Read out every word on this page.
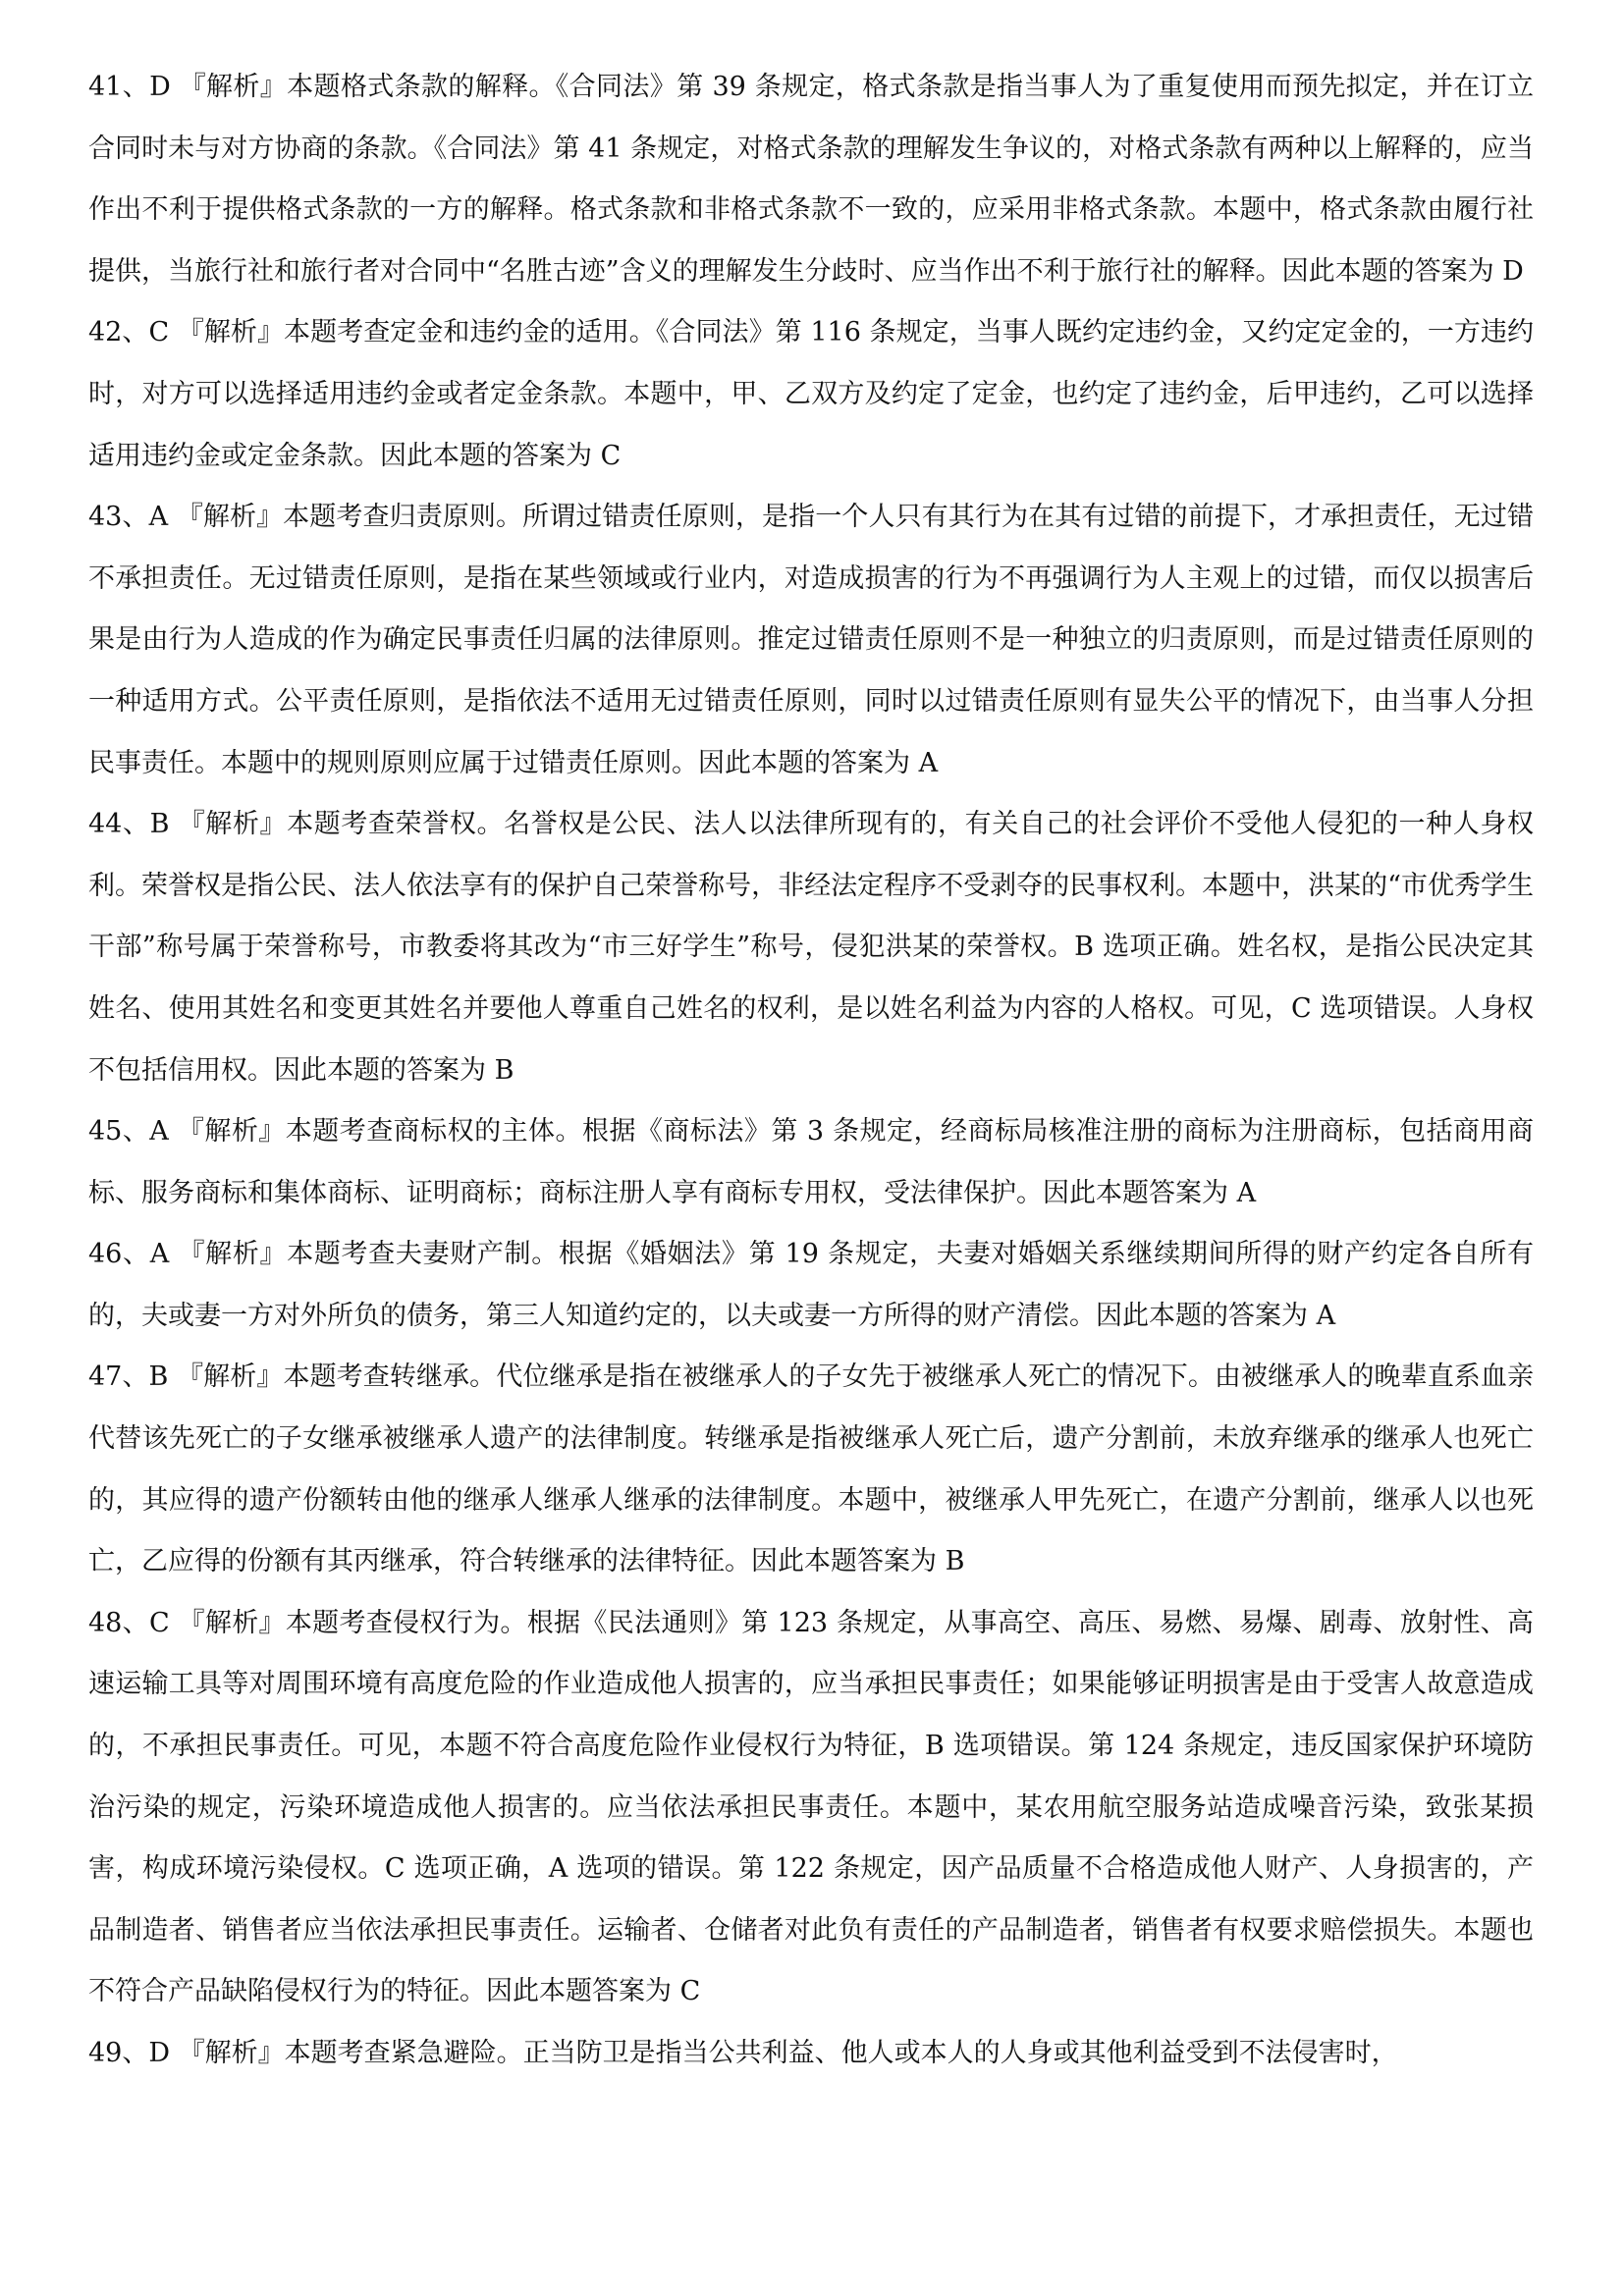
41、D 『解析』本题格式条款的解释。《合同法》第 39 条规定，格式条款是指当事人为了重复使用而预先拟定，并在订立合同时未与对方协商的条款。《合同法》第 41 条规定，对格式条款的理解发生争议的，对格式条款有两种以上解释的，应当作出不利于提供格式条款的一方的解释。格式条款和非格式条款不一致的，应采用非格式条款。本题中，格式条款由履行社提供，当旅行社和旅行者对合同中“名胜古迹”含义的理解发生分歧时、应当作出不利于旅行社的解释。因此本题的答案为 D

42、C 『解析』本题考查定金和违约金的适用。《合同法》第 116 条规定，当事人既约定违约金，又约定定金的，一方违约时，对方可以选择适用违约金或者定金条款。本题中，甲、乙双方及约定了定金，也约定了违约金，后甲违约，乙可以选择适用违约金或定金条款。因此本题的答案为 C

43、A 『解析』本题考查归责原则。所谓过错责任原则，是指一个人只有其行为在其有过错的前提下，才承担责任，无过错不承担责任。无过错责任原则，是指在某些领域或行业内，对造成损害的行为不再强调行为人主观上的过错，而仅以损害后果是由行为人造成的作为确定民事责任归属的法律原则。推定过错责任原则不是一种独立的归责原则，而是过错责任原则的一种适用方式。公平责任原则，是指依法不适用无过错责任原则，同时以过错责任原则有显失公平的情况下，由当事人分担民事责任。本题中的规则原则应属于过错责任原则。因此本题的答案为 A

44、B 『解析』本题考查荣誉权。名誉权是公民、法人以法律所现有的，有关自己的社会评价不受他人侵犯的一种人身权利。荣誉权是指公民、法人依法享有的保护自己荣誉称号，非经法定程序不受剥夺的民事权利。本题中，洪某的“市优秀学生干部”称号属于荣誉称号，市教委将其改为“市三好学生”称号，侵犯洪某的荣誉权。B 选项正确。姓名权，是指公民决定其姓名、使用其姓名和变更其姓名并要他人尊重自己姓名的权利，是以姓名利益为内容的人格权。可见，C 选项错误。人身权不包括信用权。因此本题的答案为 B

45、A 『解析』本题考查商标权的主体。根据《商标法》第 3 条规定，经商标局核准注册的商标为注册商标，包括商用商标、服务商标和集体商标、证明商标；商标注册人享有商标专用权，受法律保护。因此本题答案为 A

46、A 『解析』本题考查夫妻财产制。根据《婚姻法》第 19 条规定，夫妻对婚姻关系继续期间所得的财产约定各自所有的，夫或妻一方对外所负的债务，第三人知道约定的，以夫或妻一方所得的财产清偿。因此本题的答案为 A

47、B 『解析』本题考查转继承。代位继承是指在被继承人的子女先于被继承人死亡的情况下。由被继承人的晚辈直系血亲代替该先死亡的子女继承被继承人遗产的法律制度。转继承是指被继承人死亡后，遗产分割前，未放弃继承的继承人也死亡的，其应得的遗产份额转由他的继承人继承人继承的法律制度。本题中，被继承人甲先死亡，在遗产分割前，继承人以也死亡，乙应得的份额有其丙继承，符合转继承的法律特征。因此本题答案为 B

48、C 『解析』本题考查侵权行为。根据《民法通则》第 123 条规定，从事高空、高压、易燃、易爆、剧毒、放射性、高速运输工具等对周围环境有高度危险的作业造成他人损害的，应当承担民事责任；如果能够证明损害是由于受害人故意造成的，不承担民事责任。可见，本题不符合高度危险作业侵权行为特征，B 选项错误。第 124 条规定，违反国家保护环境防治污染的规定，污染环境造成他人损害的。应当依法承担民事责任。本题中，某农用航空服务站造成噪音污染，致张某损害，构成环境污染侵权。C 选项正确，A 选项的错误。第 122 条规定，因产品质量不合格造成他人财产、人身损害的，产品制造者、销售者应当依法承担民事责任。运输者、仓储者对此负有责任的产品制造者，销售者有权要求赔偿损失。本题也不符合产品缺陷侵权行为的特征。因此本题答案为 C

49、D 『解析』本题考查紧急避险。正当防卫是指当公共利益、他人或本人的人身或其他利益受到不法侵害时，
